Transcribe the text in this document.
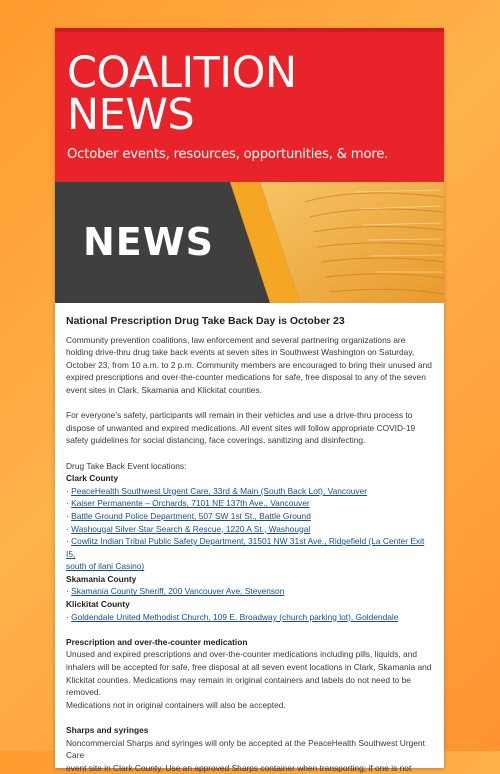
COALITION
NEWS
October events, resources, opportunities, & more.
NEWS
National Prescription Drug Take Back Day is October 23
Community prevention coalitions, law enforcement and several partnering organizations are holding drive-thru drug take back events at seven sites in Southwest Washington on Saturday, October 23, from 10 a.m. to 2 p.m. Community members are encouraged to bring their unused and expired prescriptions and over-the-counter medications for safe, free disposal to any of the seven event sites in Clark, Skamania and Klickitat counties.
For everyone's safety, participants will remain in their vehicles and use a drive-thru process to dispose of unwanted and expired medications. All event sites will follow appropriate COVID-19 safety guidelines for social distancing, face coverings, sanitizing and disinfecting.
Drug Take Back Event locations:
Clark County
· PeaceHealth Southwest Urgent Care, 33rd & Main (South Back Lot), Vancouver
· Kaiser Permanente – Orchards, 7101 NE 137th Ave., Vancouver
· Battle Ground Police Department, 507 SW 1st St., Battle Ground
· Washougal Silver Star Search & Rescue, 1220 A St., Washougal
· Cowlitz Indian Tribal Public Safety Department, 31501 NW 31st Ave., Ridgefield (La Center Exit I5,
south of ilani Casino)
Skamania County
· Skamania County Sheriff, 200 Vancouver Ave, Stevenson
Klickitat County
· Goldendale United Methodist Church, 109 E. Broadway (church parking lot), Goldendale
Prescription and over-the-counter medication
Unused and expired prescriptions and over-the-counter medications including pills, liquids, and inhalers will be accepted for safe, free disposal at all seven event locations in Clark, Skamania and Klickitat counties. Medications may remain in original containers and labels do not need to be removed.
Medications not in original containers will also be accepted.
Sharps and syringes
Noncommercial Sharps and syringes will only be accepted at the PeaceHealth Southwest Urgent Care
event site in Clark County. Use an approved Sharps container when transporting; if one is not
